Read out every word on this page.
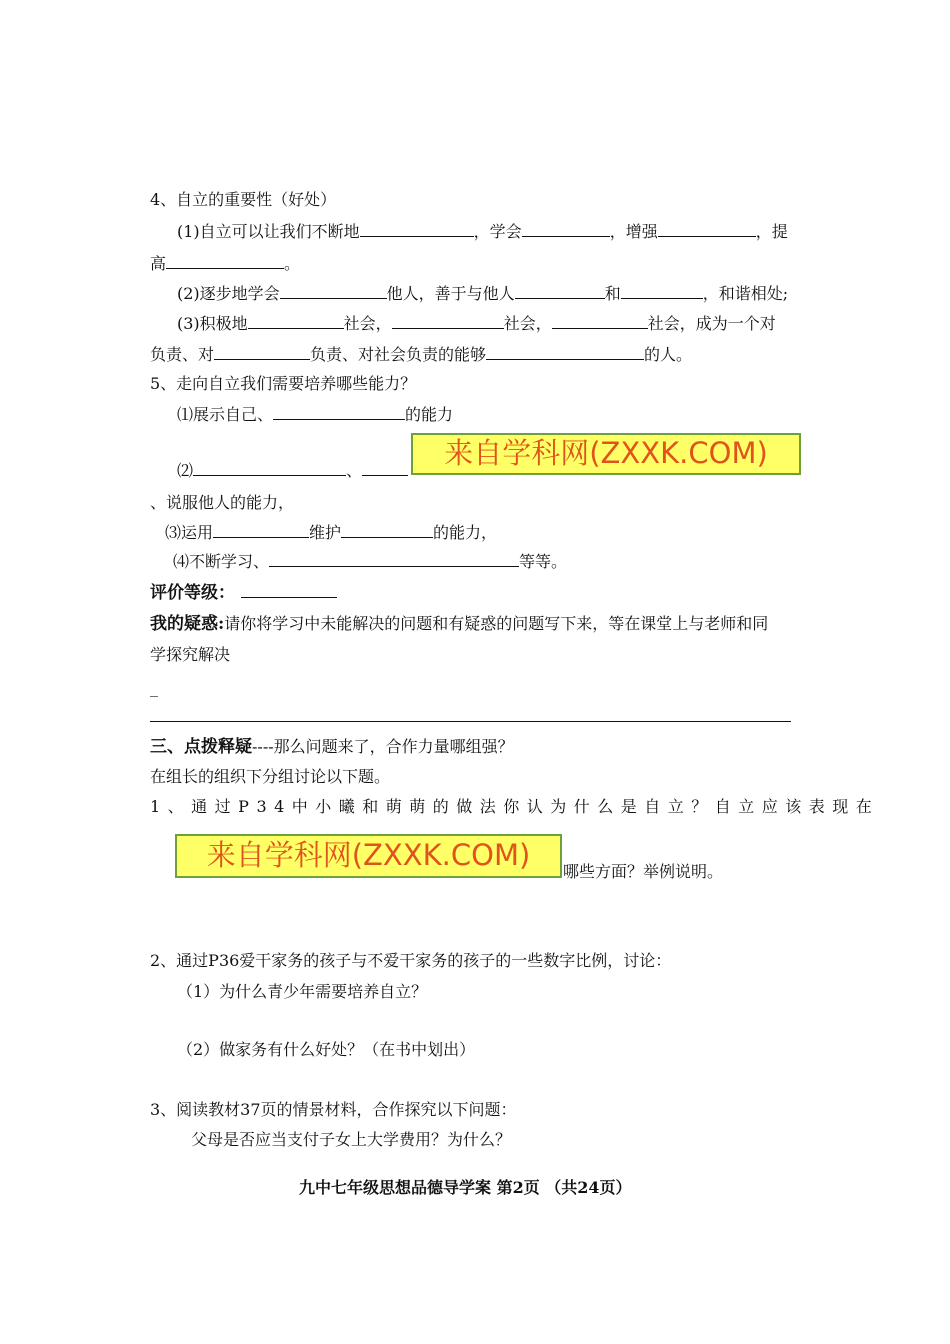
4、自立的重要性（好处）
(1)自立可以让我们不断地	，学会	，增强	，提
高	。
(2)逐步地学会	他人，善于与他人	和	，和谐相处;
(3)积极地	社会，	社会，	社会，成为一个对
负责、对	负责、对社会负责的能够	的人。
5、走向自立我们需要培养哪些能力？
⑴展示自己、	的能力
⑵	、
来自学科网(ZXXK.COM)
、说服他人的能力，
⑶运用	维护	的能力，
⑷不断学习、	等等。
评价等级：
我的疑惑:请你将学习中未能解决的问题和有疑惑的问题写下来，等在课堂上与老师和同
学探究解决
_
三、点拨释疑----那么问题来了，合作力量哪组强？
在组长的组织下分组讨论以下题。
1、通过P34中小曦和萌萌的做法你认为什么是自立？自立应该表现在
来自学科网(ZXXK.COM)	哪些方面？举例说明。
2、通过P36爱干家务的孩子与不爱干家务的孩子的一些数字比例，讨论：
（1）为什么青少年需要培养自立？
（2）做家务有什么好处？（在书中划出）
3、阅读教材37页的情景材料，合作探究以下问题：
父母是否应当支付子女上大学费用？为什么？
九中七年级思想品德导学案 第2页 （共24页）
